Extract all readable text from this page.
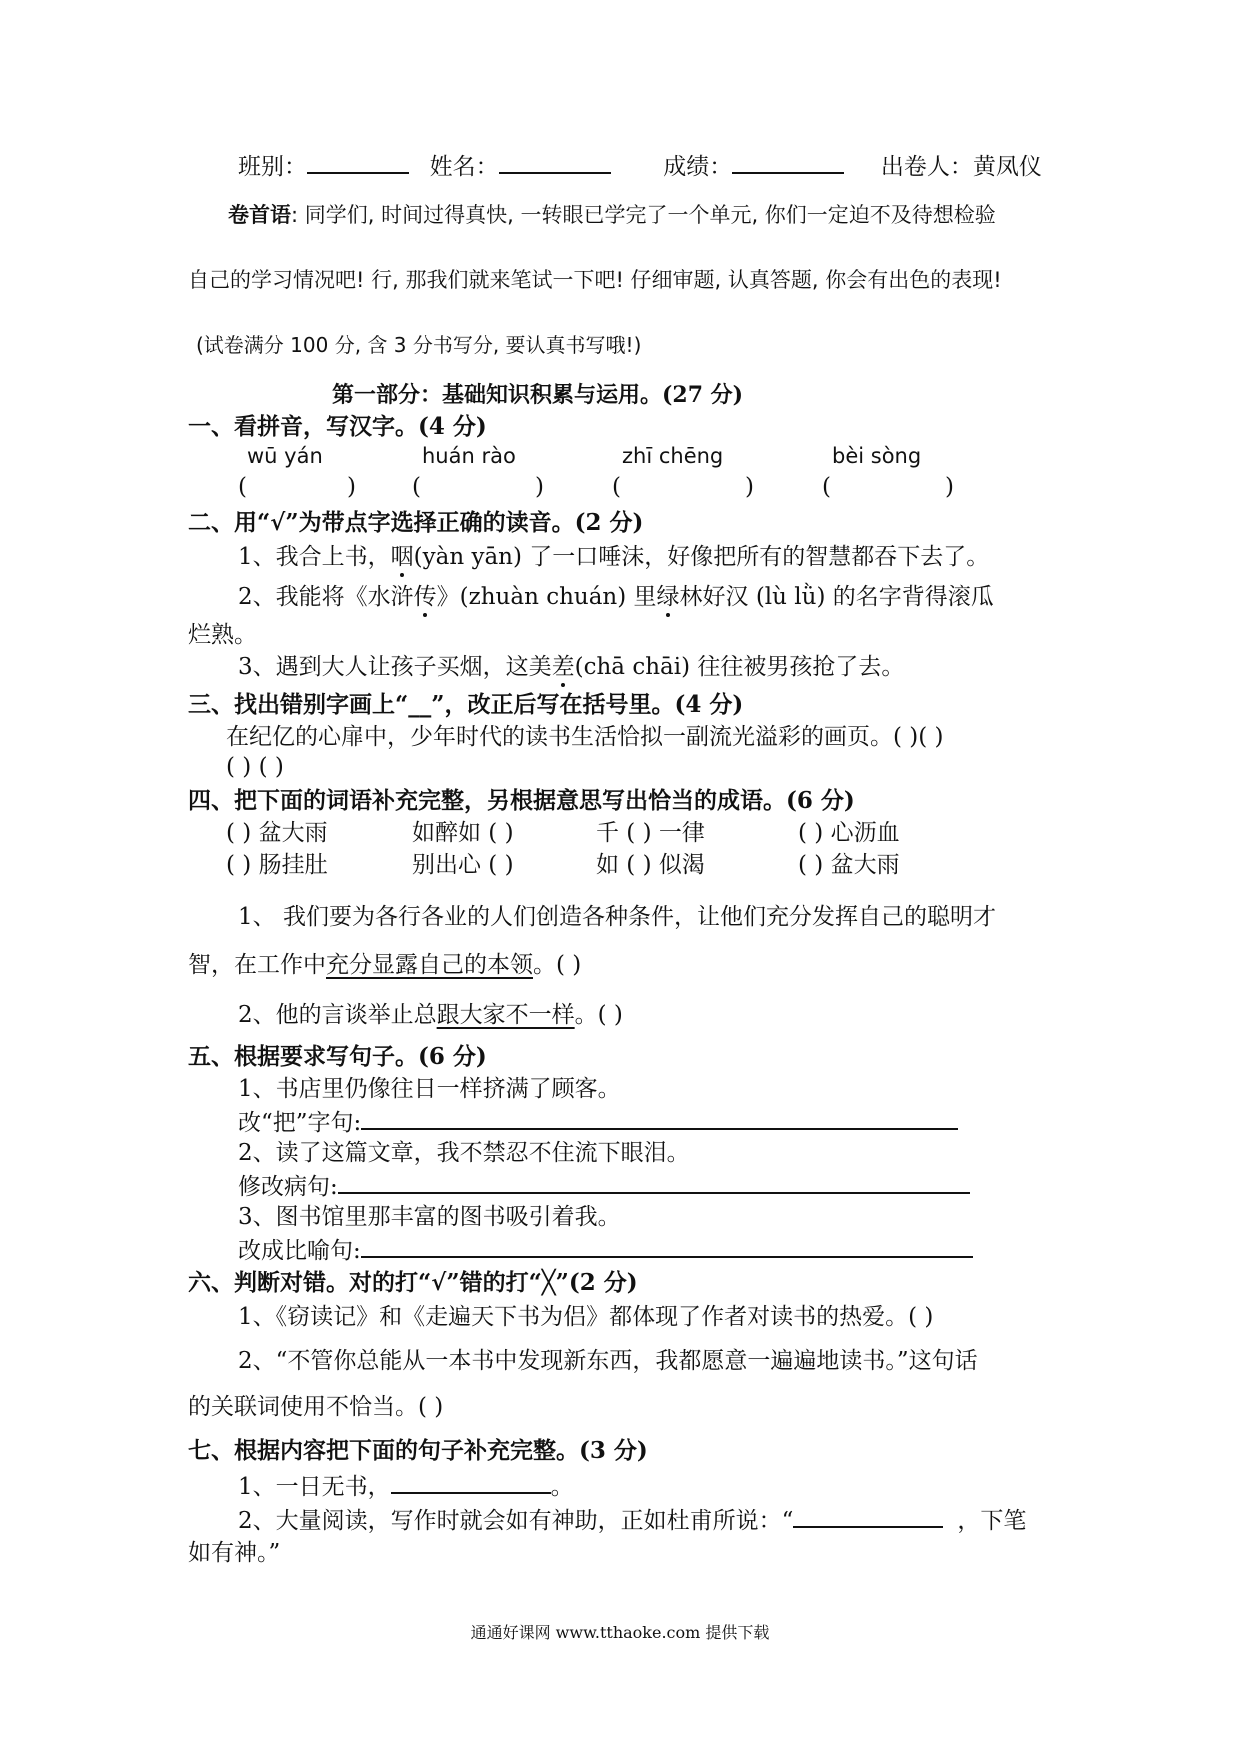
班别：	姓名：	成绩：	出卷人：黄凤仪
卷首语: 同学们, 时间过得真快, 一转眼已学完了一个单元, 你们一定迫不及待想检验
自己的学习情况吧! 行, 那我们就来笔试一下吧! 仔细审题, 认真答题, 你会有出色的表现!
(试卷满分 100 分, 含 3 分书写分, 要认真书写哦!)
第一部分：基础知识积累与运用。(27 分)
一、看拼音，写汉字。(4 分)
wū yán	huán rào	zhī chēng	bèi sòng
(	) (	)	(	)	(	)
二、用“√”为带点字选择正确的读音。(2 分)
1、我合上书，咽(yàn yān) 了一口唾沫，好像把所有的智慧都吞下去了。
2、我能将《水浒传》(zhuàn chuán) 里绿林好汉 (lù lǜ) 的名字背得滚瓜
烂熟。
3、遇到大人让孩子买烟，这美差(chā chāi) 往往被男孩抢了去。
三、找出错别字画上“__”，改正后写在括号里。(4 分)
在纪亿的心扉中，少年时代的读书生活恰拟一副流光溢彩的画页。( )( )
( ) ( )
四、把下面的词语补充完整，另根据意思写出恰当的成语。(6 分)
( ) 盆大雨	如醉如 ( )	千 ( ) 一律	( ) 心沥血
( ) 肠挂肚	别出心 ( )	如 ( ) 似渴	( ) 盆大雨
1、 我们要为各行各业的人们创造各种条件，让他们充分发挥自己的聪明才
智，在工作中充分显露自己的本领。( )
2、他的言谈举止总跟大家不一样。( )
五、根据要求写句子。(6 分)
1、书店里仍像往日一样挤满了顾客。
改“把”字句:
2、读了这篇文章，我不禁忍不住流下眼泪。
修改病句:
3、图书馆里那丰富的图书吸引着我。
改成比喻句:
六、判断对错。对的打“√”错的打“╳”(2 分)
1、《窃读记》和《走遍天下书为侣》都体现了作者对读书的热爱。( )
2、“不管你总能从一本书中发现新东西，我都愿意一遍遍地读书。”这句话
的关联词使用不恰当。( )
七、根据内容把下面的句子补充完整。(3 分)
1、一日无书，	。
2、大量阅读，写作时就会如有神助，正如杜甫所说：“	，下笔
如有神。”
通通好课网 www.tthaoke.com 提供下载
